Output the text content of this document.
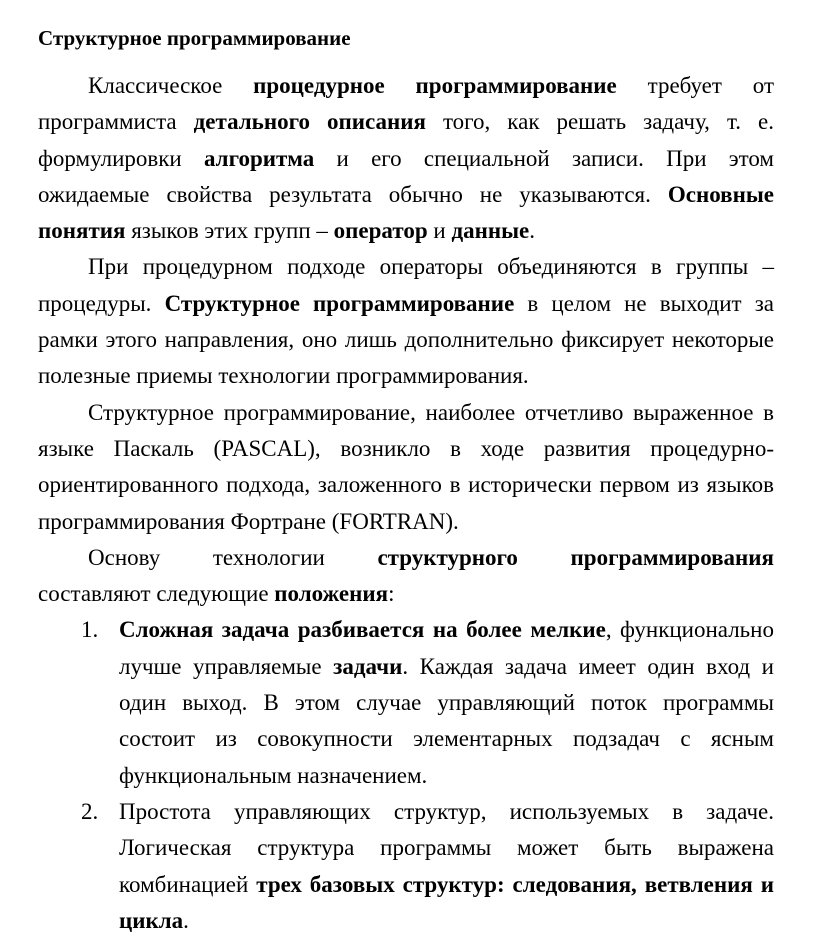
Структурное программирование

Классическое процедурное программирование требует от программиста детального описания того, как решать задачу, т. е. формулировки алгоритма и его специальной записи. При этом ожидаемые свойства результата обычно не указываются. Основные понятия языков этих групп – оператор и данные.

При процедурном подходе операторы объединяются в группы – процедуры. Структурное программирование в целом не выходит за рамки этого направления, оно лишь дополнительно фиксирует некоторые полезные приемы технологии программирования.

Структурное программирование, наиболее отчетливо выраженное в языке Паскаль (PASCAL), возникло в ходе развития процедурно-ориентированного подхода, заложенного в исторически первом из языков программирования Фортране (FORTRAN).

Основу технологии структурного программирования
составляют следующие положения:

1. Сложная задача разбивается на более мелкие, функционально лучше управляемые задачи. Каждая задача имеет один вход и один выход. В этом случае управляющий поток программы состоит из совокупности элементарных подзадач с ясным функциональным назначением.
2. Простота управляющих структур, используемых в задаче. Логическая структура программы может быть выражена комбинацией трех базовых структур: следования, ветвления и цикла.
